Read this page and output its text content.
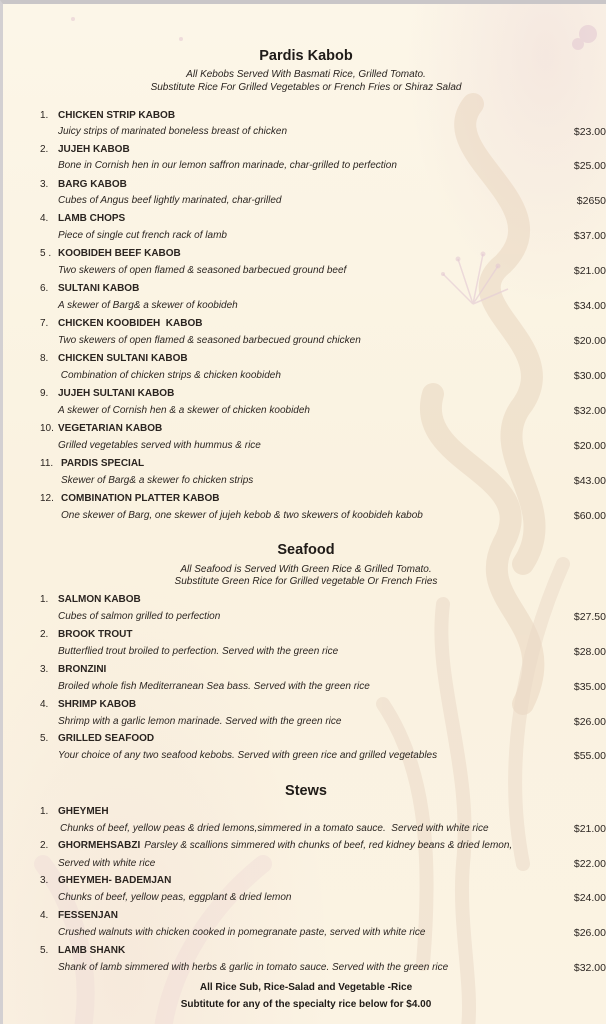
Pardis Kabob
All Kebobs Served With Basmati Rice, Grilled Tomato.
Substitute Rice For Grilled Vegetables or French Fries or Shiraz Salad
1. CHICKEN STRIP KABOB
Juicy strips of marinated boneless breast of chicken	$23.00
2. JUJEH KABOB
Bone in Cornish hen in our lemon saffron marinade, char-grilled to perfection	$25.00
3. BARG KABOB
Cubes of Angus beef lightly marinated, char-grilled	$2650
4. LAMB CHOPS
Piece of single cut french rack of lamb	$37.00
5 . KOOBIDEH BEEF KABOB
Two skewers of open flamed & seasoned barbecued ground beef	$21.00
6. SULTANI KABOB
A skewer of Barg& a skewer of koobideh	$34.00
7. CHICKEN KOOBIDEH  KABOB
Two skewers of open flamed & seasoned barbecued ground chicken	$20.00
8. CHICKEN SULTANI KABOB
Combination of chicken strips & chicken koobideh	$30.00
9. JUJEH SULTANI KABOB
A skewer of Cornish hen & a skewer of chicken koobideh	$32.00
10. VEGETARIAN KABOB
Grilled vegetables served with hummus & rice	$20.00
11. PARDIS SPECIAL
Skewer of Barg& a skewer fo chicken strips	$43.00
12. COMBINATION PLATTER KABOB
One skewer of Barg, one skewer of jujeh kebob & two skewers of koobideh kabob	$60.00
Seafood
All Seafood is Served With Green Rice & Grilled Tomato.
Substitute Green Rice for Grilled vegetable Or French Fries
1. SALMON KABOB
Cubes of salmon grilled to perfection	$27.50
2. BROOK TROUT
Butterflied trout broiled to perfection. Served with the green rice	$28.00
3. BRONZINI
Broiled whole fish Mediterranean Sea bass. Served with the green rice	$35.00
4. SHRIMP KABOB
Shrimp with a garlic lemon marinade. Served with the green rice	$26.00
5. GRILLED SEAFOOD
Your choice of any two seafood kebobs. Served with green rice and grilled vegetables	$55.00
Stews
1. GHEYMEH
Chunks of beef, yellow peas & dried lemons,simmered in a tomato sauce.  Served with white rice	$21.00
2. GHORMEHSABZI Parsley & scallions simmered with chunks of beef, red kidney beans & dried lemon,
Served with white rice	$22.00
3. GHEYMEH- BADEMJAN
Chunks of beef, yellow peas, eggplant & dried lemon	$24.00
4. FESSENJAN
Crushed walnuts with chicken cooked in pomegranate paste, served with white rice	$26.00
5. LAMB SHANK
Shank of lamb simmered with herbs & garlic in tomato sauce. Served with the green rice	$32.00
All Rice Sub, Rice-Salad and Vegetable -Rice
Subtitute for any of the specialty rice below for $4.00
